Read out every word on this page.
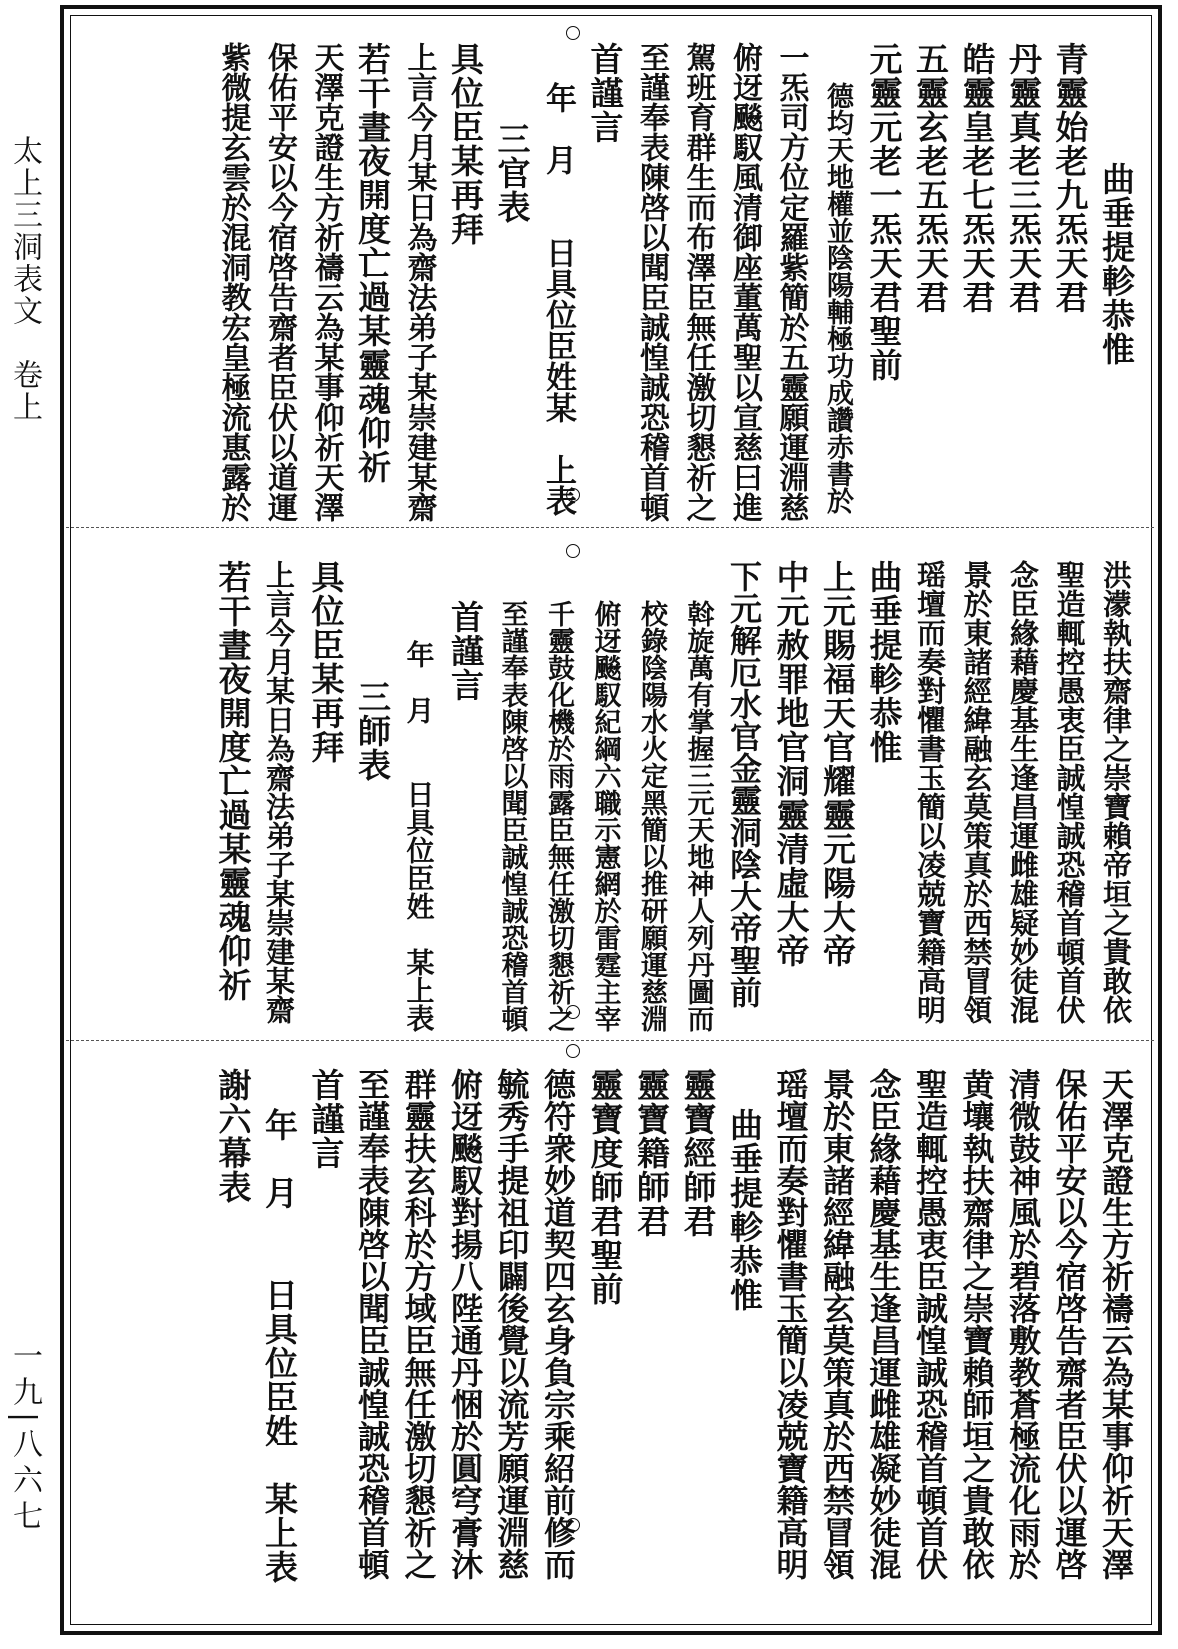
太上三洞表文　卷上
一九|八六七
曲垂提軫恭惟
青靈始老九炁天君
丹靈真老三炁天君
皓靈皇老七炁天君
五靈玄老五炁天君
元靈元老一炁天君聖前
德均天地權並陰陽輔極功成讚赤書於
一炁司方位定羅紫簡於五靈願運淵慈
俯迓飈馭風清御座董萬聖以宣慈曰進
駕班育群生而布澤臣無任激切懇祈之
至謹奉表陳啓以聞臣誠惶誠恐稽首頓
首謹言
年　月　　日具位臣姓某　上表
三官表
具位臣某再拜
上言今月某日為齋法弟子某崇建某齋
若干晝夜開度亡過某靈魂仰祈
天澤克證生方祈禱云為某事仰祈天澤
保佑平安以今宿啓告齋者臣伏以道運
紫微提玄雲於混洞教宏皇極流惠露於
洪濛執扶齋律之崇寶賴帝垣之貴敢依
聖造輒控愚衷臣誠惶誠恐稽首頓首伏
念臣緣藉慶基生逢昌運雌雄疑妙徒混
景於東諸經緯融玄莫策真於西禁冒領
瑶壇而奏對懼書玉簡以凌兢寶籍高明
曲垂提軫恭惟
上元賜福天官耀靈元陽大帝
中元赦罪地官洞靈清虛大帝
下元解厄水官金靈洞陰大帝聖前
斡旋萬有掌握三元天地神人列丹圖而
校錄陰陽水火定黑簡以推研願運慈淵
俯迓飈馭紀綱六職示憲網於雷霆主宰
千靈鼓化機於雨露臣無任激切懇祈之
至謹奉表陳啓以聞臣誠惶誠恐稽首頓
首謹言
年　月　　日具位臣姓　某上表
三師表
具位臣某再拜
上言今月某日為齋法弟子某崇建某齋
若干晝夜開度亡過某靈魂仰祈
天澤克證生方祈禱云為某事仰祈天澤
保佑平安以今宿啓告齋者臣伏以運啓
清微鼓神風於碧落敷教蒼極流化雨於
黄壤執扶齋律之崇寶賴師垣之貴敢依
聖造輒控愚衷臣誠惶誠恐稽首頓首伏
念臣緣藉慶基生逢昌運雌雄凝妙徒混
景於東諸經緯融玄莫策真於西禁冒領
瑶壇而奏對懼書玉簡以凌兢寶籍高明
曲垂提軫恭惟
靈寶經師君
靈寶籍師君
靈寶度師君聖前
德符衆妙道契四玄身負宗乘紹前修而
毓秀手提祖印闢後覺以流芳願運淵慈
俯迓飈馭對揚八陛通丹悃於圓穹膏沐
群靈扶玄科於方域臣無任激切懇祈之
至謹奉表陳啓以聞臣誠惶誠恐稽首頓
首謹言
年　月　　日具位臣姓　某上表
謝六幕表
